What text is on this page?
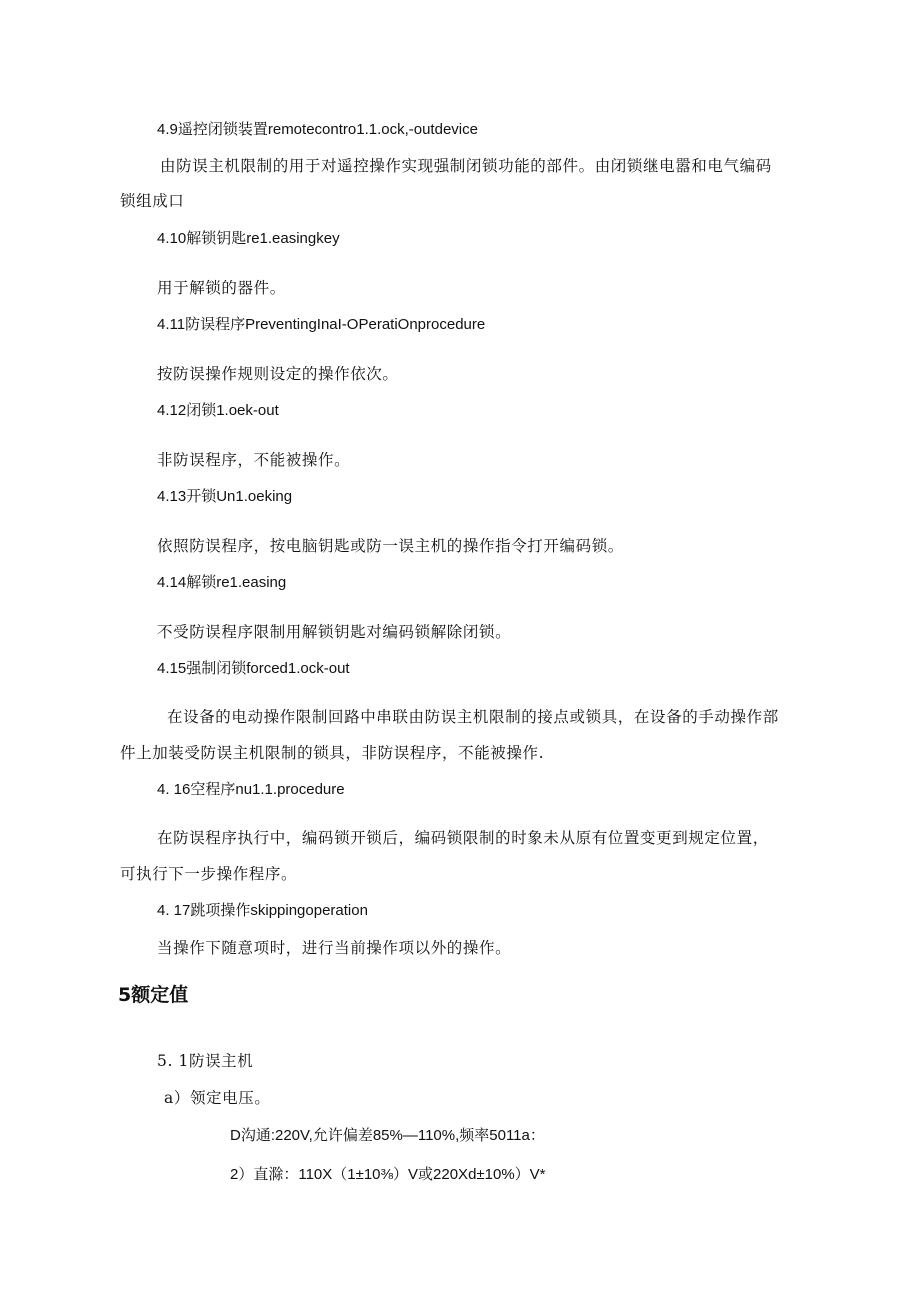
4.9遥控闭锁装置remotecontro1.1.ock,-outdevice
由防误主机限制的用于对遥控操作实现强制闭锁功能的部件。由闭锁继电嚣和电气编码
锁组成口
4.10解锁钥匙re1.easingkey
用于解锁的器件。
4.11防误程序PreventingInaI-OPeratiOnprocedure
按防误操作规则设定的操作依次。
4.12闭锁1.oek-out
非防误程序，不能被操作。
4.13开锁Un1.oeking
依照防误程序，按电脑钥匙或防一误主机的操作指令打开编码锁。
4.14解锁re1.easing
不受防误程序限制用解锁钥匙对编码锁解除闭锁。
4.15强制闭锁forced1.ock-out
在设备的电动操作限制回路中串联由防误主机限制的接点或锁具，在设备的手动操作部
件上加装受防误主机限制的锁具，非防误程序，不能被操作.
4. 16空程序nu1.1.procedure
在防误程序执行中，编码锁开锁后，编码锁限制的时象未从原有位置变更到规定位置，
可执行下一步操作程序。
4. 17跳项操作skippingoperation
当操作下随意项时，进行当前操作项以外的操作。
5额定值
5. 1防误主机
a）领定电压。
D沟通:220V,允许偏差85%—110%,频率5011a：
2）直滁：110X（1±10⅜）V或220Xd±10%）V*
